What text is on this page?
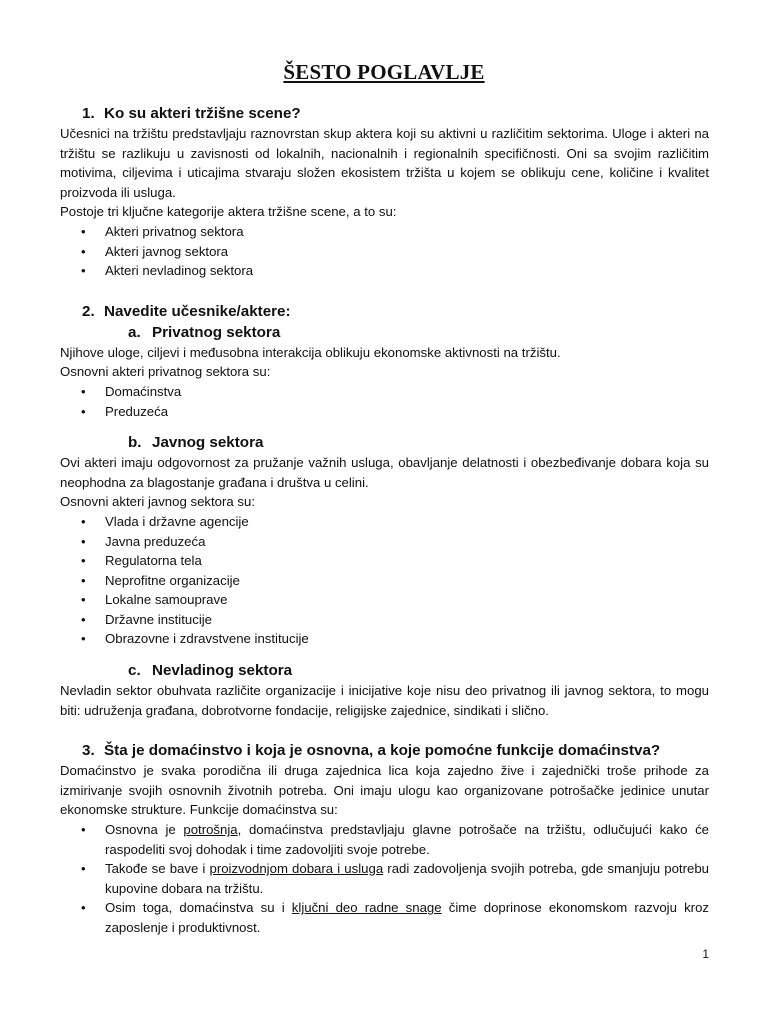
ŠESTO POGLAVLJE
1. Ko su akteri tržišne scene?

Učesnici na tržištu predstavljaju raznovrstan skup aktera koji su aktivni u različitim sektorima. Uloge i akteri na tržištu se razlikuju u zavisnosti od lokalnih, nacionalnih i regionalnih specifičnosti. Oni sa svojim različitim motivima, ciljevima i uticajima stvaraju složen ekosistem tržišta u kojem se oblikuju cene, količine i kvalitet proizvoda ili usluga.

Postoje tri ključne kategorije aktera tržišne scene, a to su:

• Akteri privatnog sektora
• Akteri javnog sektora
• Akteri nevladinog sektora
2. Navedite učesnike/aktere:
a. Privatnog sektora

Njihove uloge, ciljevi i međusobna interakcija oblikuju ekonomske aktivnosti na tržištu.

Osnovni akteri privatnog sektora su:

• Domaćinstva
• Preduzeća
b. Javnog sektora

Ovi akteri imaju odgovornost za pružanje važnih usluga, obavljanje delatnosti i obezbeđivanje dobara koja su neophodna za blagostanje građana i društva u celini.

Osnovni akteri javnog sektora su:

• Vlada i državne agencije
• Javna preduzeća
• Regulatorna tela
• Neprofitne organizacije
• Lokalne samouprave
• Državne institucije
• Obrazovne i zdravstvene institucije
c. Nevladinog sektora

Nevladin sektor obuhvata različite organizacije i inicijative koje nisu deo privatnog ili javnog sektora, to mogu biti: udruženja građana, dobrotvorne fondacije, religijske zajednice, sindikati i slično.

3. Šta je domaćinstvo i koja je osnovna, a koje pomoćne funkcije domaćinstva?

Domaćinstvo je svaka porodična ili druga zajednica lica koja zajedno žive i zajednički troše prihode za izmirivanje svojih osnovnih životnih potreba. Oni imaju ulogu kao organizovane potrošačke jedinice unutar ekonomske strukture. Funkcije domaćinstva su:

• Osnovna je potrošnja, domaćinstva predstavljaju glavne potrošače na tržištu, odlučujući kako će raspodeliti svoj dohodak i time zadovoljiti svoje potrebe.
• Takođe se bave i proizvodnjom dobara i usluga radi zadovoljenja svojih potreba, gde smanjuju potrebu kupovine dobara na tržištu.
• Osim toga, domaćinstva su i ključni deo radne snage čime doprinose ekonomskom razvoju kroz zaposlenje i produktivnost.
1
